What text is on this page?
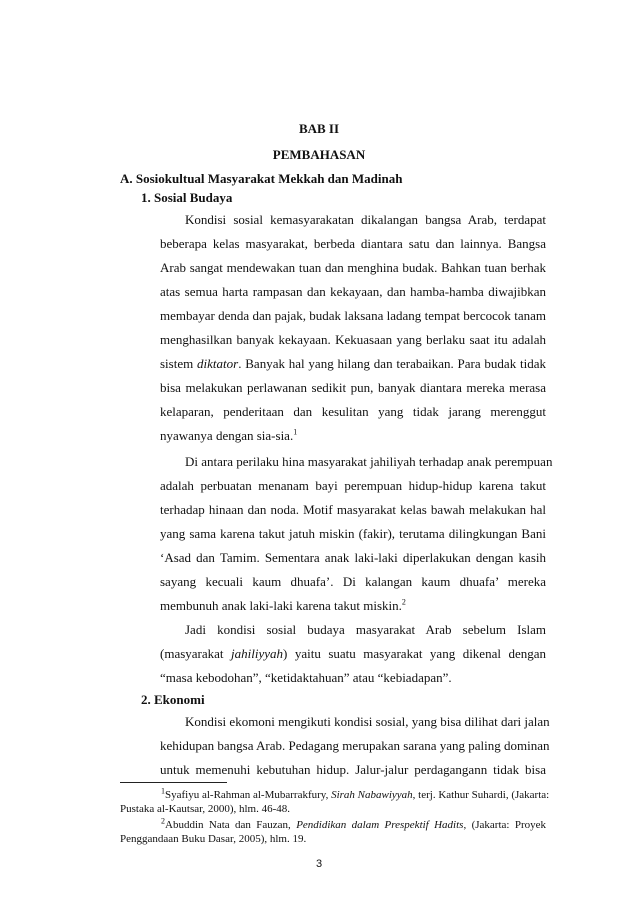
BAB II
PEMBAHASAN
A. Sosiokultual Masyarakat Mekkah dan Madinah
1. Sosial Budaya
Kondisi sosial kemasyarakatan dikalangan bangsa Arab, terdapat
beberapa kelas masyarakat, berbeda diantara satu dan lainnya. Bangsa
Arab sangat mendewakan tuan dan menghina budak. Bahkan tuan berhak
atas semua harta rampasan dan kekayaan, dan hamba-hamba diwajibkan
membayar denda dan pajak, budak laksana ladang tempat bercocok tanam
menghasilkan banyak kekayaan. Kekuasaan yang berlaku saat itu adalah
sistem diktator. Banyak hal yang hilang dan terabaikan. Para budak tidak
bisa melakukan perlawanan sedikit pun, banyak diantara mereka merasa
kelaparan, penderitaan dan kesulitan yang tidak jarang merenggut
nyawanya dengan sia-sia.$^1$
Di antara perilaku hina masyarakat jahiliyah terhadap anak perempuan
adalah perbuatan menanam bayi perempuan hidup-hidup karena takut
terhadap hinaan dan noda. Motif masyarakat kelas bawah melakukan hal
yang sama karena takut jatuh miskin (fakir), terutama dilingkungan Bani
‘Asad dan Tamim. Sementara anak laki-laki diperlakukan dengan kasih
sayang kecuali kaum dhuafa’. Di kalangan kaum dhuafa’ mereka
membunuh anak laki-laki karena takut miskin.$^2$
Jadi kondisi sosial budaya masyarakat Arab sebelum Islam
(masyarakat jahiliyyah) yaitu suatu masyarakat yang dikenal dengan
“masa kebodohan”, “ketidaktahuan” atau “kebiadapan”.
2. Ekonomi
Kondisi ekomoni mengikuti kondisi sosial, yang bisa dilihat dari jalan
kehidupan bangsa Arab. Pedagang merupakan sarana yang paling dominan
untuk memenuhi kebutuhan hidup. Jalur-jalur perdagangann tidak bisa
$^1$Syafiyu al-Rahman al-Mubarrakfury, Sirah Nabawiyyah, terj. Kathur Suhardi, (Jakarta:
Pustaka al-Kautsar, 2000), hlm. 46-48.
$^2$Abuddin Nata dan Fauzan, Pendidikan dalam Prespektif Hadits, (Jakarta: Proyek
Penggandaan Buku Dasar, 2005), hlm. 19.
3
